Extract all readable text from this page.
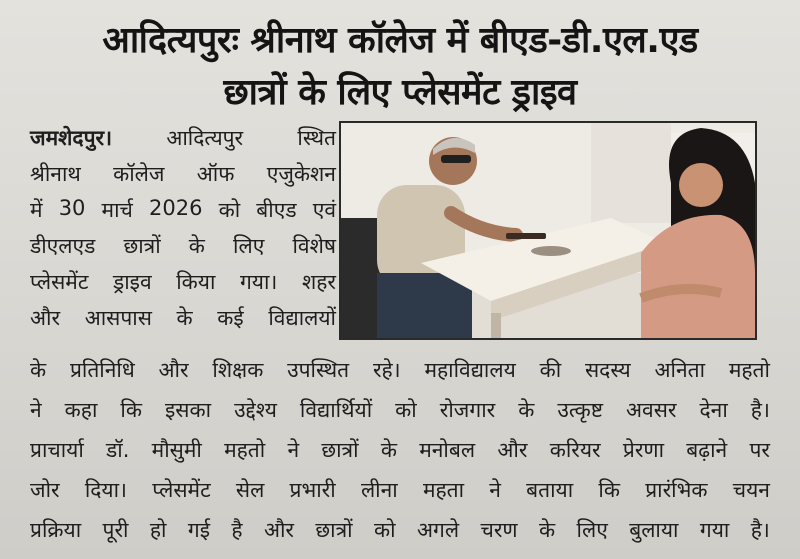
आदित्यपुरः श्रीनाथ कॉलेज में बीएड-डी.एल.एड
छात्रों के लिए प्लेसमेंट ड्राइव
जमशेदपुर।	आदित्यपुर	स्थित
श्रीनाथ कॉलेज ऑफ एजुकेशन
में 30 मार्च 2026 को बीएड एवं
डीएलएड छात्रों के लिए विशेष
प्लेसमेंट ड्राइव किया गया। शहर
और आसपास के कई विद्यालयों
के प्रतिनिधि और शिक्षक उपस्थित रहे। महाविद्यालय की सदस्य अनिता महतो
ने कहा कि इसका उद्देश्य विद्यार्थियों को रोजगार के उत्कृष्ट अवसर देना है।
प्राचार्या डॉ. मौसुमी महतो ने छात्रों के मनोबल और करियर प्रेरणा बढ़ाने पर
जोर दिया। प्लेसमेंट सेल प्रभारी लीना महता ने बताया कि प्रारंभिक चयन
प्रक्रिया पूरी हो गई है और छात्रों को अगले चरण के लिए बुलाया गया है।
